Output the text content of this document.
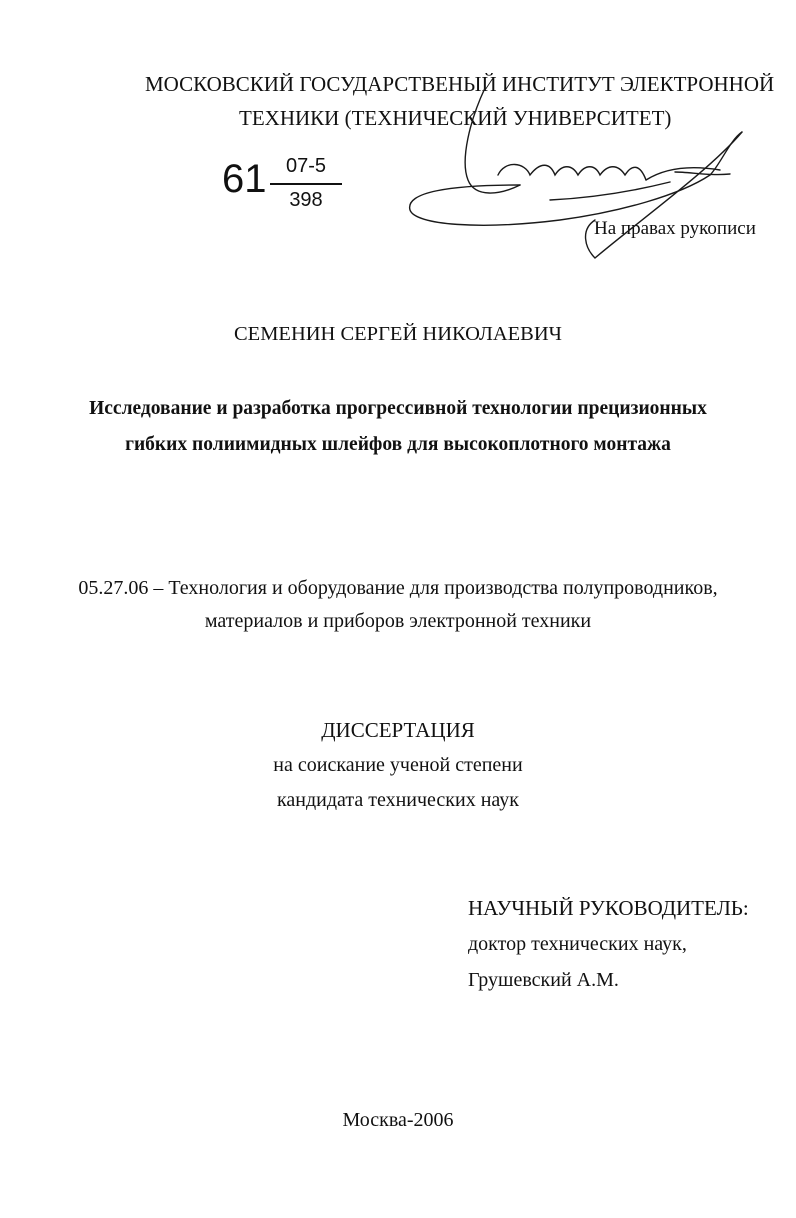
МОСКОВСКИЙ ГОСУДАРСТВЕНЫЙ ИНСТИТУТ ЭЛЕКТРОННОЙ
ТЕХНИКИ (ТЕХНИЧЕСКИЙ УНИВЕРСИТЕТ)
61 07-5
398
На правах рукописи
СЕМЕНИН СЕРГЕЙ НИКОЛАЕВИЧ
Исследование и разработка прогрессивной технологии прецизионных
гибких полиимидных шлейфов для высокоплотного монтажа
05.27.06 – Технология и оборудование для производства полупроводников,
материалов и приборов электронной техники
ДИССЕРТАЦИЯ
на соискание ученой степени
кандидата технических наук
НАУЧНЫЙ РУКОВОДИТЕЛЬ:
доктор технических наук,
Грушевский А.М.
Москва-2006
